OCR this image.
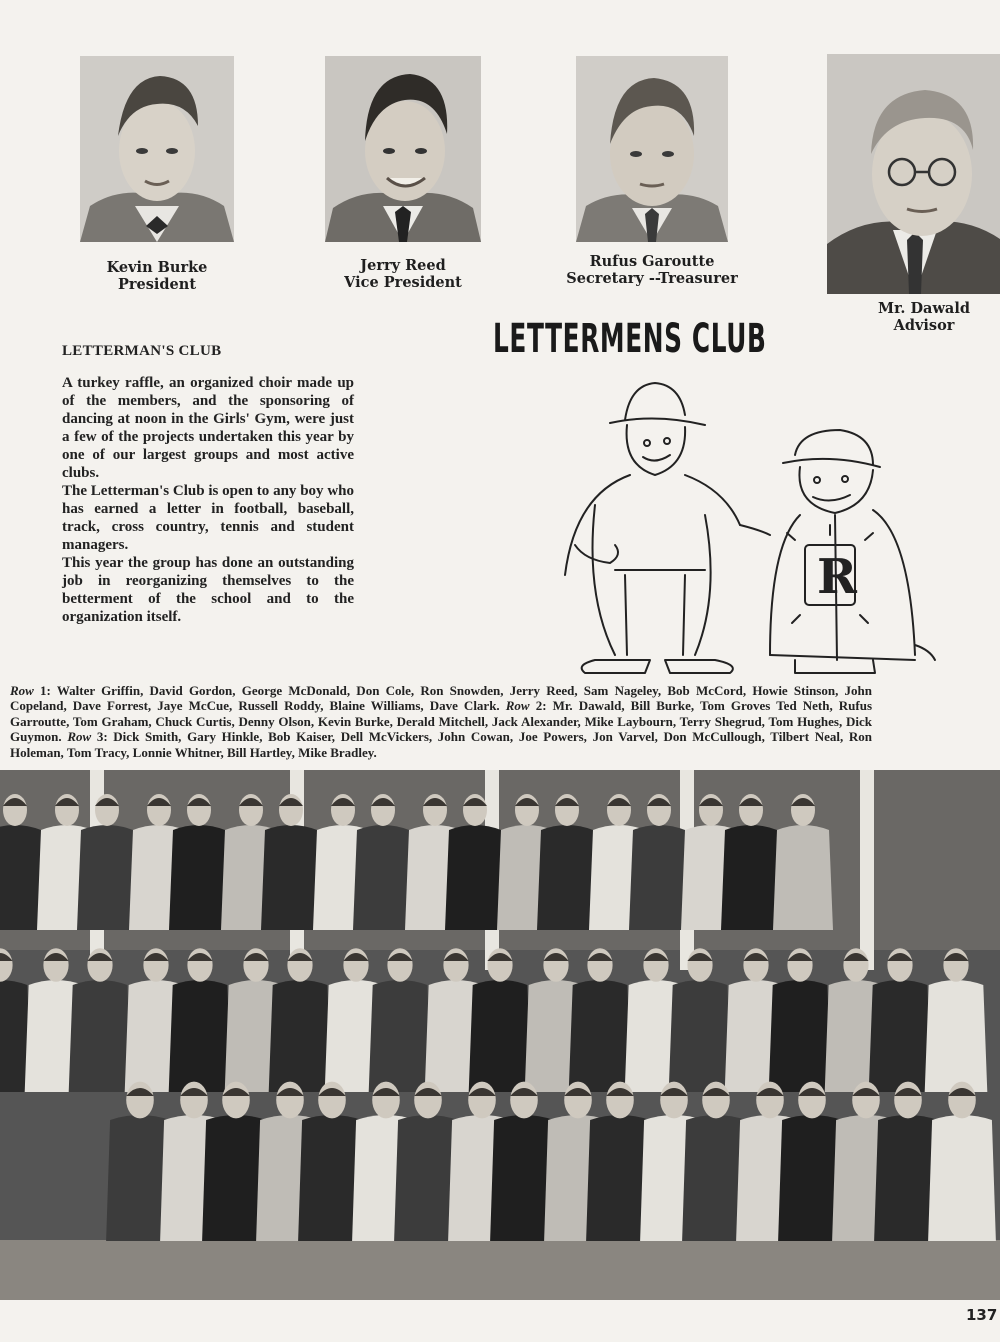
Kevin Burke
President
Jerry Reed
Vice President
Rufus Garoutte
Secretary --Treasurer
Mr. Dawald
Advisor
LETTERMAN'S CLUB	LETTERMENS CLUB

A turkey raffle, an organized choir made up of the members, and the sponsoring of dancing at noon in the Girls' Gym, were just a few of the projects undertaken this year by one of our largest groups and most active clubs.

The Letterman's Club is open to any boy who has earned a letter in football, baseball, track, cross country, tennis and student managers.

This year the group has done an outstanding job in reorganizing themselves to the betterment of the school and to the organization itself.

R
Row 1: Walter Griffin, David Gordon, George McDonald, Don Cole, Ron Snowden, Jerry Reed, Sam Nageley, Bob McCord, Howie Stinson, John Copeland, Dave Forrest, Jaye McCue, Russell Roddy, Blaine Williams, Dave Clark. Row 2: Mr. Dawald, Bill Burke, Tom Groves Ted Neth, Rufus Garroutte, Tom Graham, Chuck Curtis, Denny Olson, Kevin Burke, Derald Mitchell, Jack Alexander, Mike Laybourn, Terry Shegrud, Tom Hughes, Dick Guymon. Row 3: Dick Smith, Gary Hinkle, Bob Kaiser, Dell McVickers, John Cowan, Joe Powers, Jon Varvel, Don McCullough, Tilbert Neal, Ron Holeman, Tom Tracy, Lonnie Whitner, Bill Hartley, Mike Bradley.
137
